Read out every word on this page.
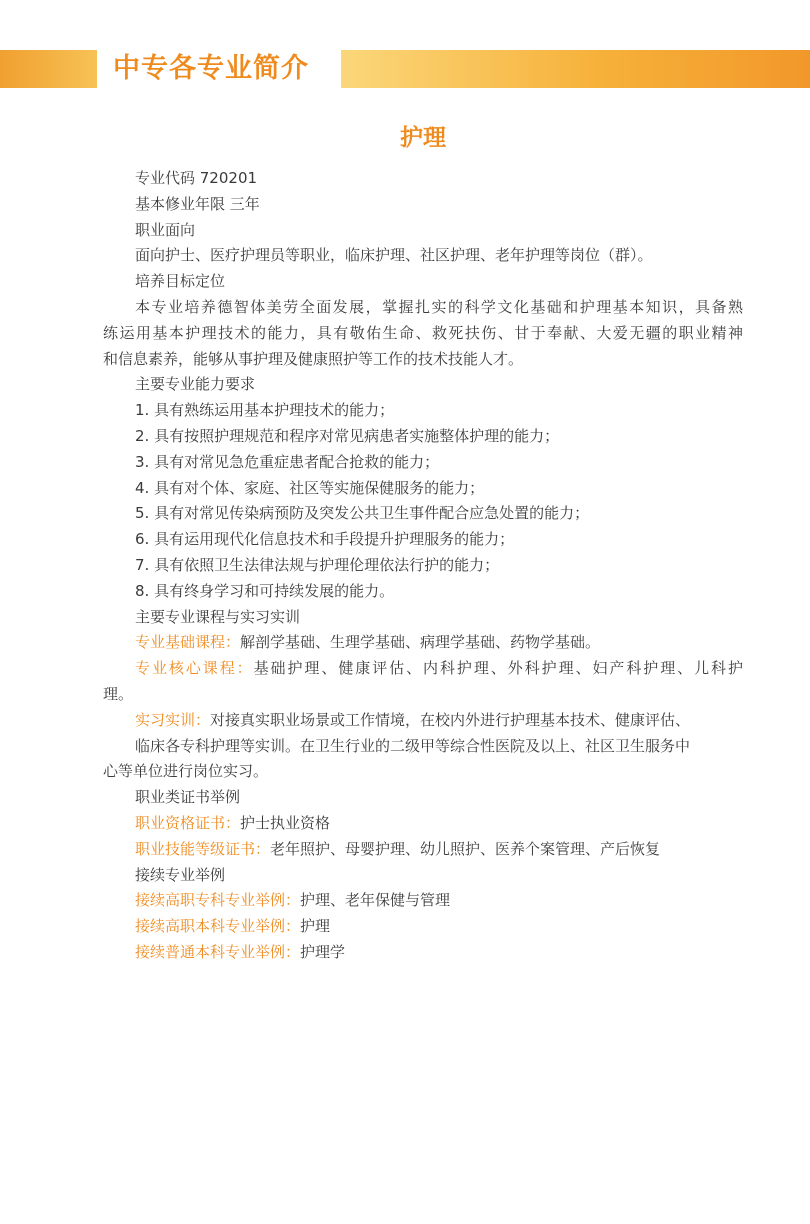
中专各专业简介
护理

专业代码 720201

基本修业年限 三年

职业面向

面向护士、医疗护理员等职业，临床护理、社区护理、老年护理等岗位（群）。

培养目标定位

本专业培养德智体美劳全面发展，掌握扎实的科学文化基础和护理基本知识，具备熟

练运用基本护理技术的能力，具有敬佑生命、救死扶伤、甘于奉献、大爱无疆的职业精神

和信息素养，能够从事护理及健康照护等工作的技术技能人才。

主要专业能力要求

1. 具有熟练运用基本护理技术的能力；

2. 具有按照护理规范和程序对常见病患者实施整体护理的能力；

3. 具有对常见急危重症患者配合抢救的能力；

4. 具有对个体、家庭、社区等实施保健服务的能力；

5. 具有对常见传染病预防及突发公共卫生事件配合应急处置的能力；

6. 具有运用现代化信息技术和手段提升护理服务的能力；

7. 具有依照卫生法律法规与护理伦理依法行护的能力；

8. 具有终身学习和可持续发展的能力。

主要专业课程与实习实训

专业基础课程：解剖学基础、生理学基础、病理学基础、药物学基础。

专业核心课程：基础护理、健康评估、内科护理、外科护理、妇产科护理、儿科护

理。

实习实训：对接真实职业场景或工作情境，在校内外进行护理基本技术、健康评估、

临床各专科护理等实训。在卫生行业的二级甲等综合性医院及以上、社区卫生服务中

心等单位进行岗位实习。

职业类证书举例

职业资格证书：护士执业资格

职业技能等级证书：老年照护、母婴护理、幼儿照护、医养个案管理、产后恢复

接续专业举例

接续高职专科专业举例：护理、老年保健与管理

接续高职本科专业举例：护理

接续普通本科专业举例：护理学
